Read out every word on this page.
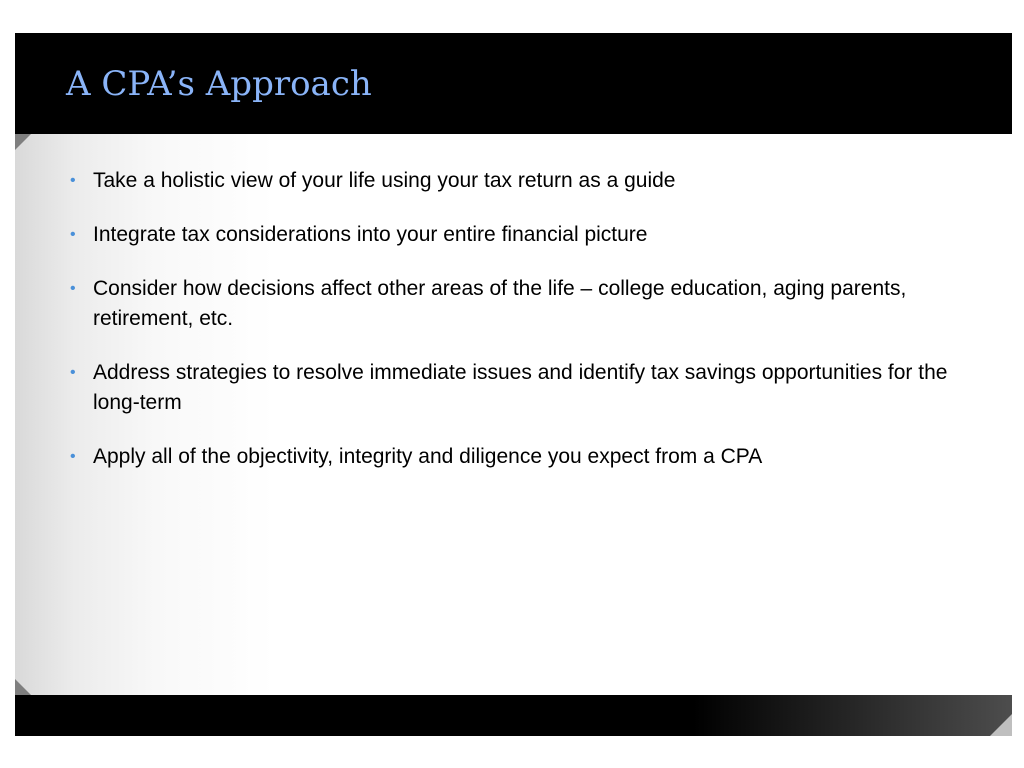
A CPA’s Approach
• Take a holistic view of your life using your tax return as a guide
• Integrate tax considerations into your entire financial picture
• Consider how decisions affect other areas of the life – college education, aging parents, retirement, etc.
• Address strategies to resolve immediate issues and identify tax savings opportunities for the long-term
• Apply all of the objectivity, integrity and diligence you expect from a CPA
